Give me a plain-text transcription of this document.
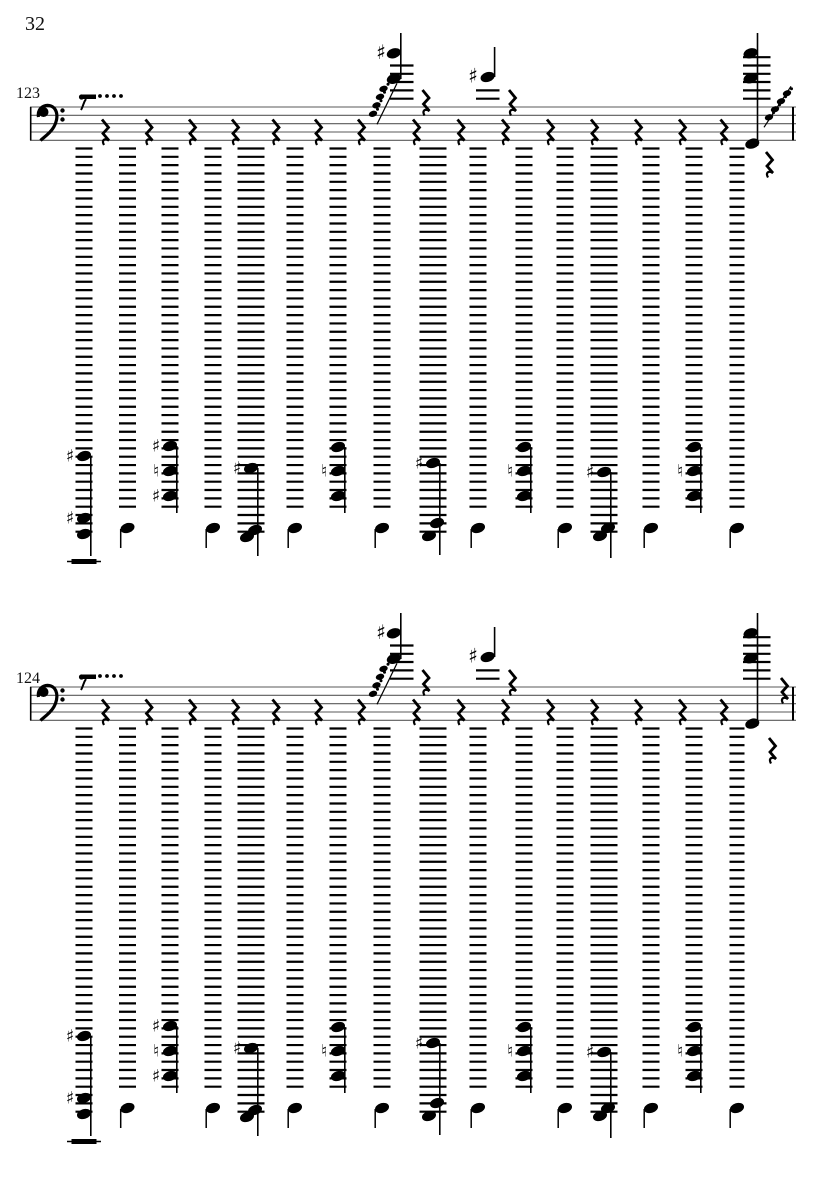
32
123
124
♯
♯
♯
♯
♯
♮
♯
♯	♮	♯	♮	♯	♮
♯
♯
♯
♯
♯
♮
♯
♯	♮	♯	♮	♯	♮
